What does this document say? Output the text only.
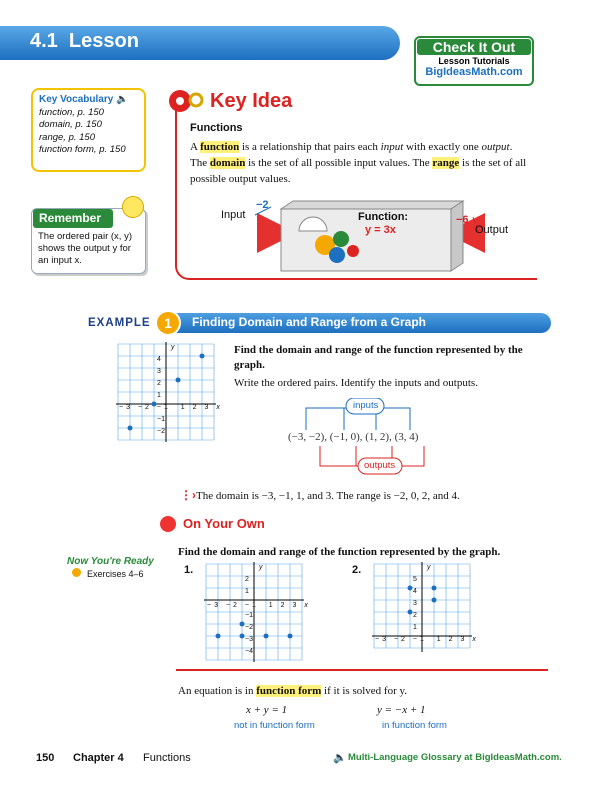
4.1  Lesson	Check It Out
Lesson Tutorials
BigIdeasMath.com
Key Vocabulary 🔈
function, p. 150
domain, p. 150
range, p. 150
function form, p. 150
The ordered pair (x, y) shows the output y for an input x.
Remember
Key Idea
Functions
A function is a relationship that pairs each input with exactly one output. The domain is the set of all possible input values. The range is the set of all possible output values.
Input
−2
Function:
y = 3x
−6
Output
EXAMPLE 1	Finding Domain and Range from a Graph
−3 −2 −1 1 2 3 x
y
4
3
2
1

−1
−2
Find the domain and range of the function represented by the graph.
Write the ordered pairs. Identify the inputs and outputs.
inputs
outputs
(−3, −2), (−1, 0), (1, 2), (3, 4)
⋮› The domain is −3, −1, 1, and 3. The range is −2, 0, 2, and 4.
On Your Own
Now You're Ready
Exercises 4–6
Find the domain and range of the function represented by the graph.
1.	2.
−3 −2 −1 1 2 3 x
y
2
1

−1
−2
−3
−4
−3 −2 −1 1 2 3 x
y
5
4
3
2
1
An equation is in function form if it is solved for y.
x + y = 1
not in function form
y = −x + 1
in function form
150 Chapter 4 Functions	🔈 Multi-Language Glossary at BigIdeasMath.com.
